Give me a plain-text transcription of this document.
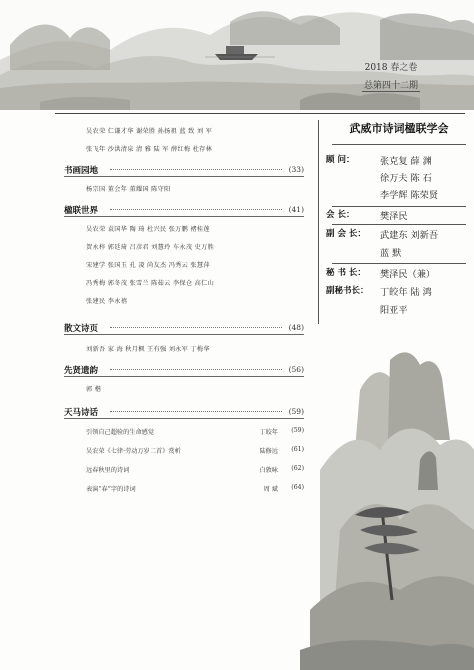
2018 春之卷
总第四十二期
吴农荣 仁谦才华 谢荣胜 孙扬祖 蓝 致 刘 军
张飞年 沙洪清泉 清 雅 陆 军 薛红梅 杜存林
书画园地	(33)
杨宗国 董会年 董耀国 陈守阳
楹联世界	(41)
吴农荣 袁国华 陶 琦 杜兴民 张万鹏 褚桂莲
贺永梓 郭廷琦 吕彦君 刘慧玲 车永茂 史万胜
宋建学 张国玉 孔 凌 尚友杰 冯秀云 张慧萍
冯秀梅 郭冬茂 张雪兰 陈茹云 李保仓 高仁山
张建民 李永禧
散文诗页	(48)
刘新吾 家 海 秋月枫 王有强 刘永军 丁梅华
先贤遗韵	(56)
郭 楷
天马诗话	(59)
引领自己超验的生命感觉	丁皎年 (59)
吴农荣《七律·劳动万岁二首》赏析	陆修远 (61)
远春秋里的诗词	白敦咏 (62)
表演“春”字的诗词	周 斌 (64)
武威市诗词楹联学会
顾 问：	张克复 薛 渊
徐万夫 陈 石
李学辉 陈荣贤
会 长：	樊泽民
副 会 长： 武建东 刘新吾
蓝 默
秘 书 长： 樊泽民（兼）
副秘书长： 丁皎年 陆 鸿
阳亚平
